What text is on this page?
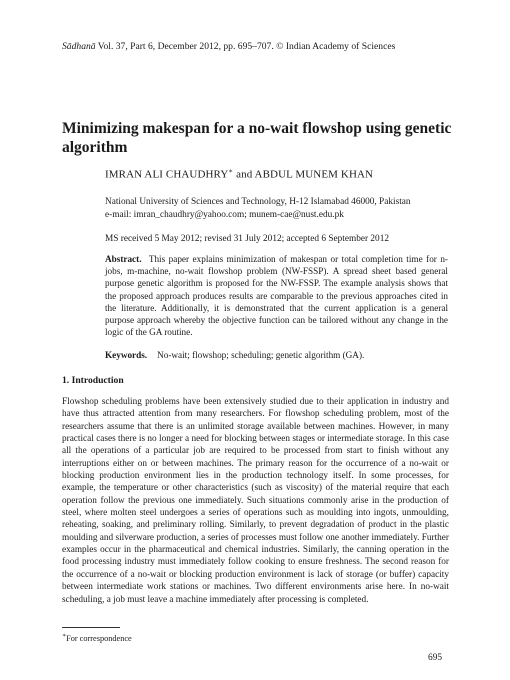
Sādhanā Vol. 37, Part 6, December 2012, pp. 695–707. © Indian Academy of Sciences
Minimizing makespan for a no-wait flowshop using genetic algorithm
IMRAN ALI CHAUDHRY∗ and ABDUL MUNEM KHAN
National University of Sciences and Technology, H-12 Islamabad 46000, Pakistan
e-mail: imran_chaudhry@yahoo.com; munem-cae@nust.edu.pk
MS received 5 May 2012; revised 31 July 2012; accepted 6 September 2012
Abstract. This paper explains minimization of makespan or total completion time for n-jobs, m-machine, no-wait flowshop problem (NW-FSSP). A spread sheet based general purpose genetic algorithm is proposed for the NW-FSSP. The example analysis shows that the proposed approach produces results are comparable to the previous approaches cited in the literature. Additionally, it is demonstrated that the current application is a general purpose approach whereby the objective function can be tailored without any change in the logic of the GA routine.
Keywords. No-wait; flowshop; scheduling; genetic algorithm (GA).
1. Introduction
Flowshop scheduling problems have been extensively studied due to their application in industry and have thus attracted attention from many researchers. For flowshop scheduling problem, most of the researchers assume that there is an unlimited storage available between machines. However, in many practical cases there is no longer a need for blocking between stages or intermediate storage. In this case all the operations of a particular job are required to be processed from start to finish without any interruptions either on or between machines. The primary reason for the occurrence of a no-wait or blocking production environment lies in the production technology itself. In some processes, for example, the temperature or other characteristics (such as viscosity) of the material require that each operation follow the previous one immediately. Such situations commonly arise in the production of steel, where molten steel undergoes a series of operations such as moulding into ingots, unmoulding, reheating, soaking, and preliminary rolling. Similarly, to prevent degradation of product in the plastic moulding and silverware production, a series of processes must follow one another immediately. Further examples occur in the pharmaceutical and chemical industries. Similarly, the canning operation in the food processing industry must immediately follow cooking to ensure freshness. The second reason for the occurrence of a no-wait or blocking production environment is lack of storage (or buffer) capacity between intermediate work stations or machines. Two different environments arise here. In no-wait scheduling, a job must leave a machine immediately after processing is completed.
∗For correspondence
695
